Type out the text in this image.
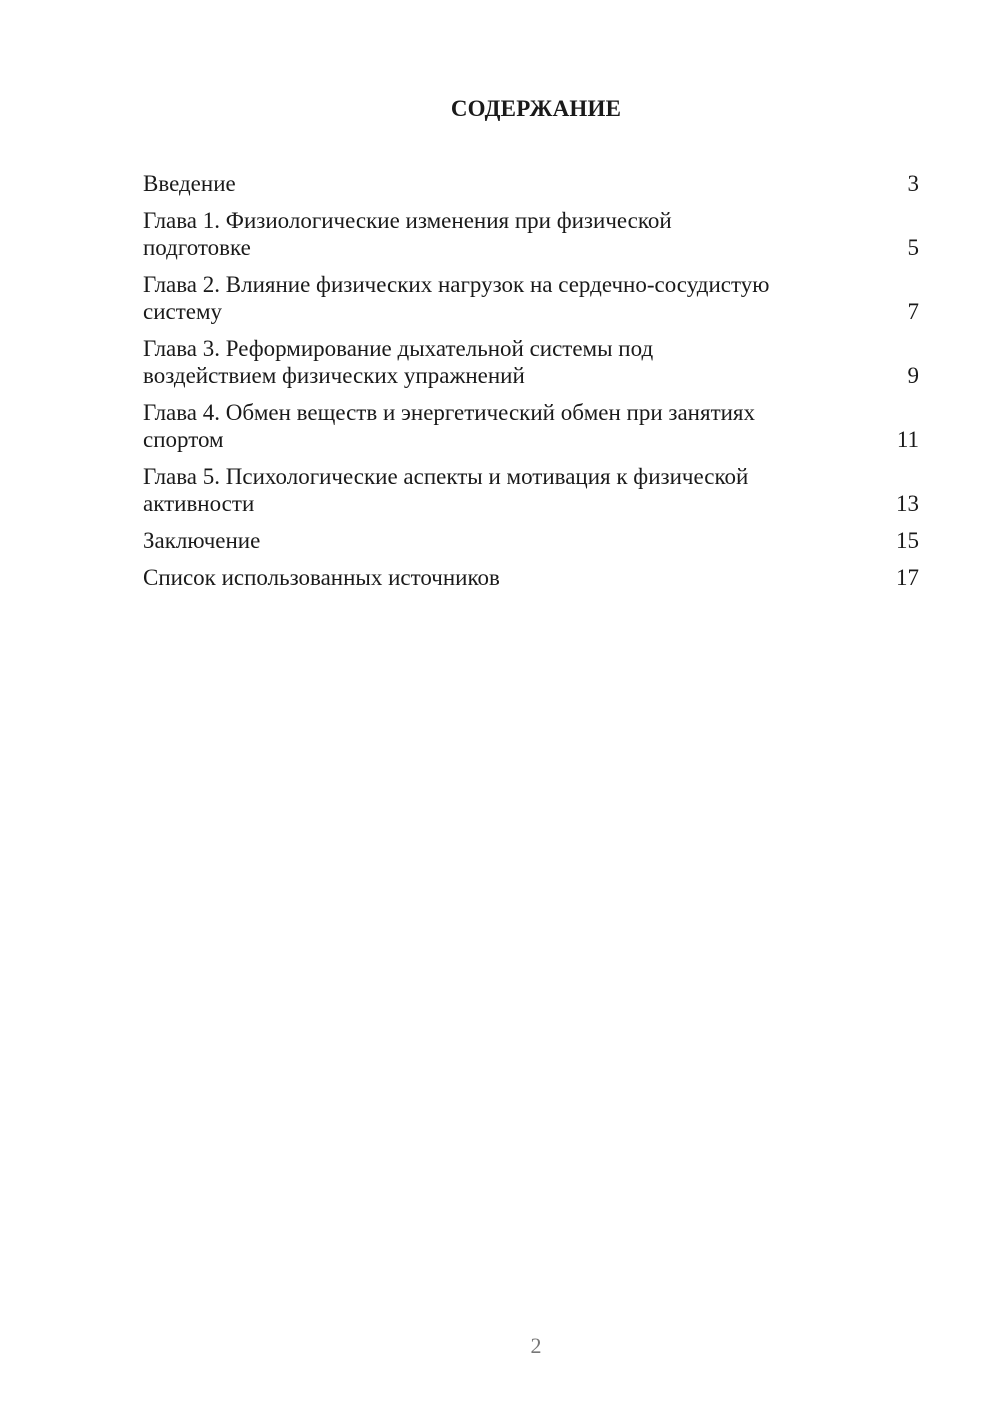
СОДЕРЖАНИЕ
Введение	3
Глава 1. Физиологические изменения при физической
подготовке	5
Глава 2. Влияние физических нагрузок на сердечно-сосудистую
систему	7
Глава 3. Реформирование дыхательной системы под
воздействием физических упражнений	9
Глава 4. Обмен веществ и энергетический обмен при занятиях
спортом	11
Глава 5. Психологические аспекты и мотивация к физической
активности	13
Заключение	15
Список использованных источников	17
2
